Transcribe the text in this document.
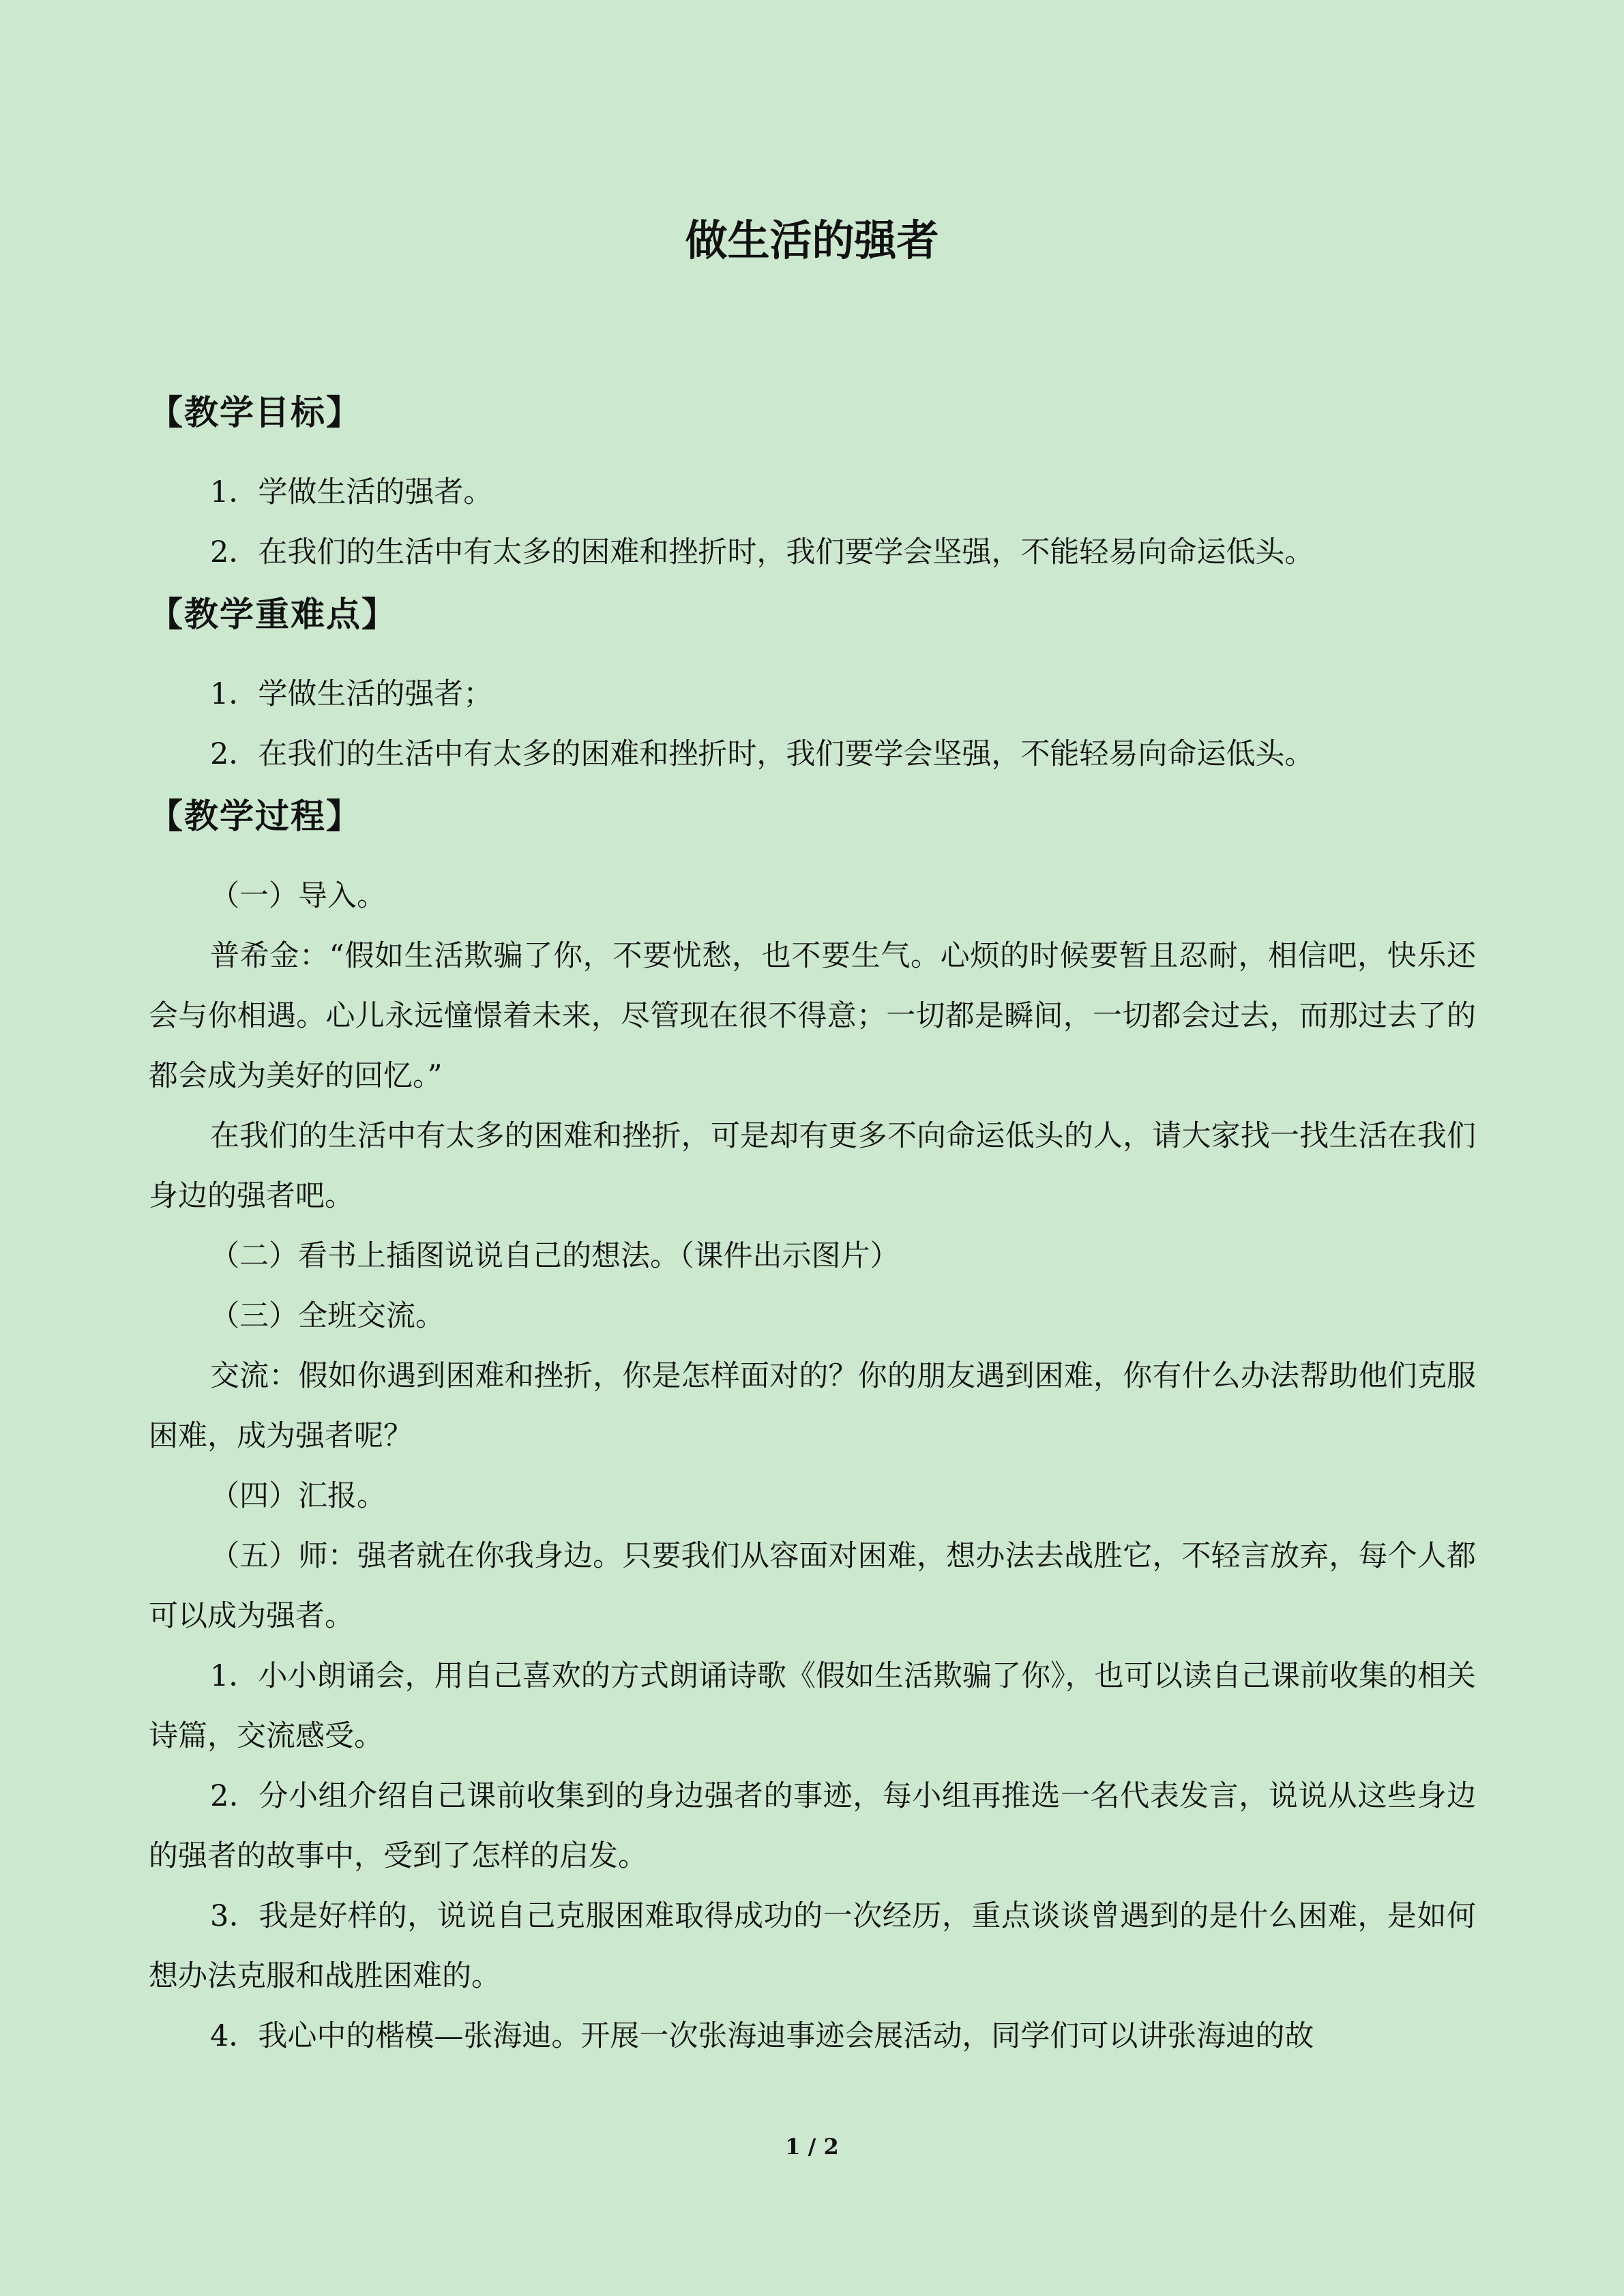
做生活的强者
【教学目标】

1．学做生活的强者。

2．在我们的生活中有太多的困难和挫折时，我们要学会坚强，不能轻易向命运低头。

【教学重难点】

1．学做生活的强者；

2．在我们的生活中有太多的困难和挫折时，我们要学会坚强，不能轻易向命运低头。

【教学过程】

（一）导入。

普希金：“假如生活欺骗了你，不要忧愁，也不要生气。心烦的时候要暂且忍耐，相信吧，快乐还会与你相遇。心儿永远憧憬着未来，尽管现在很不得意；一切都是瞬间，一切都会过去，而那过去了的都会成为美好的回忆。”

在我们的生活中有太多的困难和挫折，可是却有更多不向命运低头的人，请大家找一找生活在我们身边的强者吧。

（二）看书上插图说说自己的想法。（课件出示图片）

（三）全班交流。

交流：假如你遇到困难和挫折，你是怎样面对的？你的朋友遇到困难，你有什么办法帮助他们克服困难，成为强者呢？

（四）汇报。

（五）师：强者就在你我身边。只要我们从容面对困难，想办法去战胜它，不轻言放弃，每个人都可以成为强者。

1．小小朗诵会，用自己喜欢的方式朗诵诗歌《假如生活欺骗了你》，也可以读自己课前收集的相关诗篇，交流感受。

2．分小组介绍自己课前收集到的身边强者的事迹，每小组再推选一名代表发言，说说从这些身边的强者的故事中，受到了怎样的启发。

3．我是好样的，说说自己克服困难取得成功的一次经历，重点谈谈曾遇到的是什么困难，是如何想办法克服和战胜困难的。

4．我心中的楷模—张海迪。开展一次张海迪事迹会展活动，同学们可以讲张海迪的故

1 / 2
